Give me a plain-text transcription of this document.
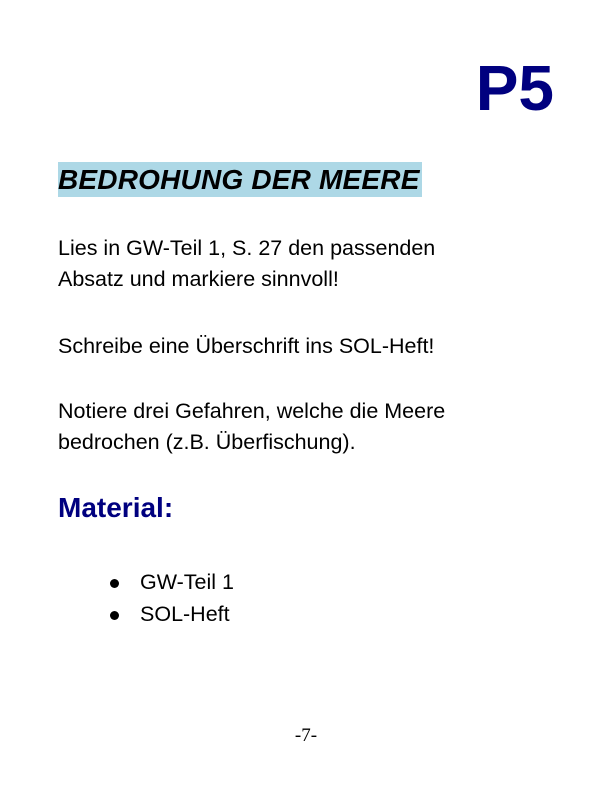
P5
BEDROHUNG DER MEERE
Lies in GW-Teil 1, S. 27 den passenden
Absatz und markiere sinnvoll!
Schreibe eine Überschrift ins SOL-Heft!
Notiere drei Gefahren, welche die Meere
bedrochen (z.B. Überfischung).
Material:
GW-Teil 1
SOL-Heft
-7-
